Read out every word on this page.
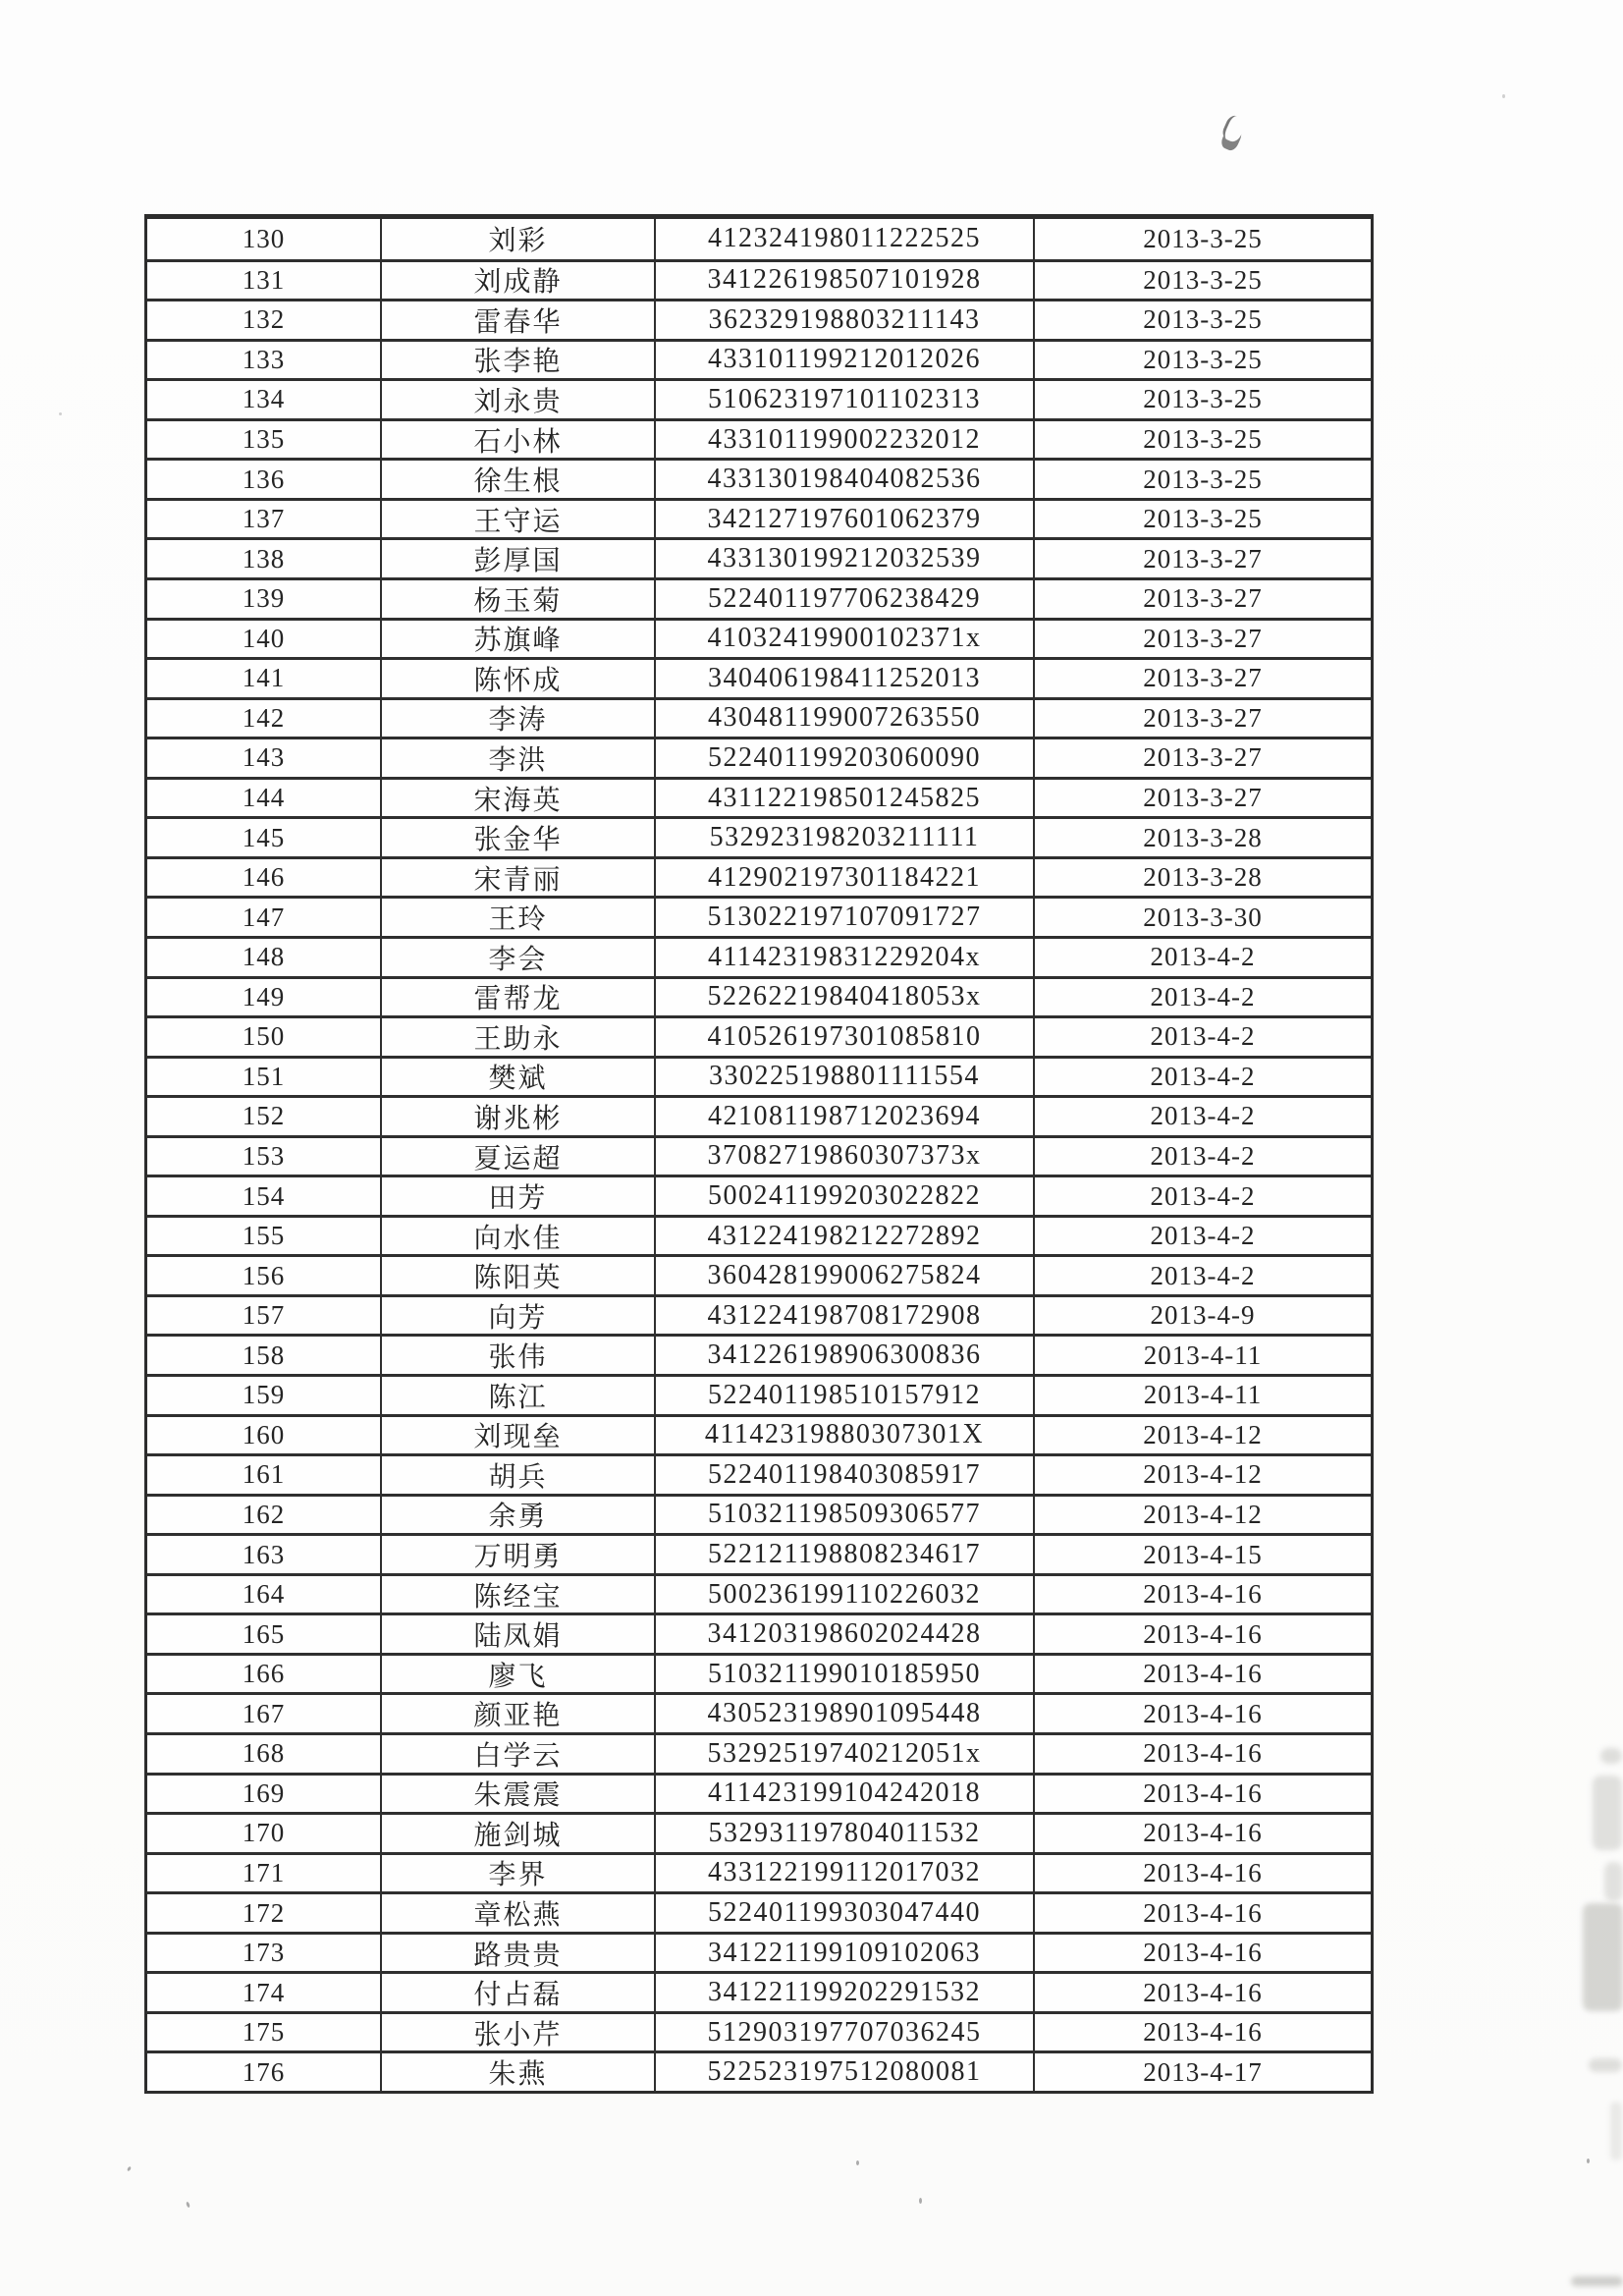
130	刘彩	412324198011222525	2013-3-25
131	刘成静	341226198507101928	2013-3-25
132	雷春华	362329198803211143	2013-3-25
133	张李艳	433101199212012026	2013-3-25
134	刘永贵	510623197101102313	2013-3-25
135	石小林	433101199002232012	2013-3-25
136	徐生根	433130198404082536	2013-3-25
137	王守运	342127197601062379	2013-3-25
138	彭厚国	433130199212032539	2013-3-27
139	杨玉菊	522401197706238429	2013-3-27
140	苏旗峰	41032419900102371x	2013-3-27
141	陈怀成	340406198411252013	2013-3-27
142	李涛	430481199007263550	2013-3-27
143	李洪	522401199203060090	2013-3-27
144	宋海英	431122198501245825	2013-3-27
145	张金华	532923198203211111	2013-3-28
146	宋青丽	412902197301184221	2013-3-28
147	王玲	513022197107091727	2013-3-30
148	李会	41142319831229204x	2013-4-2
149	雷帮龙	52262219840418053x	2013-4-2
150	王助永	410526197301085810	2013-4-2
151	樊斌	330225198801111554	2013-4-2
152	谢兆彬	421081198712023694	2013-4-2
153	夏运超	37082719860307373x	2013-4-2
154	田芳	500241199203022822	2013-4-2
155	向水佳	431224198212272892	2013-4-2
156	陈阳英	360428199006275824	2013-4-2
157	向芳	431224198708172908	2013-4-9
158	张伟	341226198906300836	2013-4-11
159	陈江	522401198510157912	2013-4-11
160	刘现垒	41142319880307301X	2013-4-12
161	胡兵	522401198403085917	2013-4-12
162	余勇	510321198509306577	2013-4-12
163	万明勇	522121198808234617	2013-4-15
164	陈经宝	500236199110226032	2013-4-16
165	陆凤娟	341203198602024428	2013-4-16
166	廖飞	510321199010185950	2013-4-16
167	颜亚艳	430523198901095448	2013-4-16
168	白学云	53292519740212051x	2013-4-16
169	朱震震	411423199104242018	2013-4-16
170	施剑城	532931197804011532	2013-4-16
171	李界	433122199112017032	2013-4-16
172	章松燕	522401199303047440	2013-4-16
173	路贵贵	341221199109102063	2013-4-16
174	付占磊	341221199202291532	2013-4-16
175	张小芹	512903197707036245	2013-4-16
176	朱燕	522523197512080081	2013-4-17
